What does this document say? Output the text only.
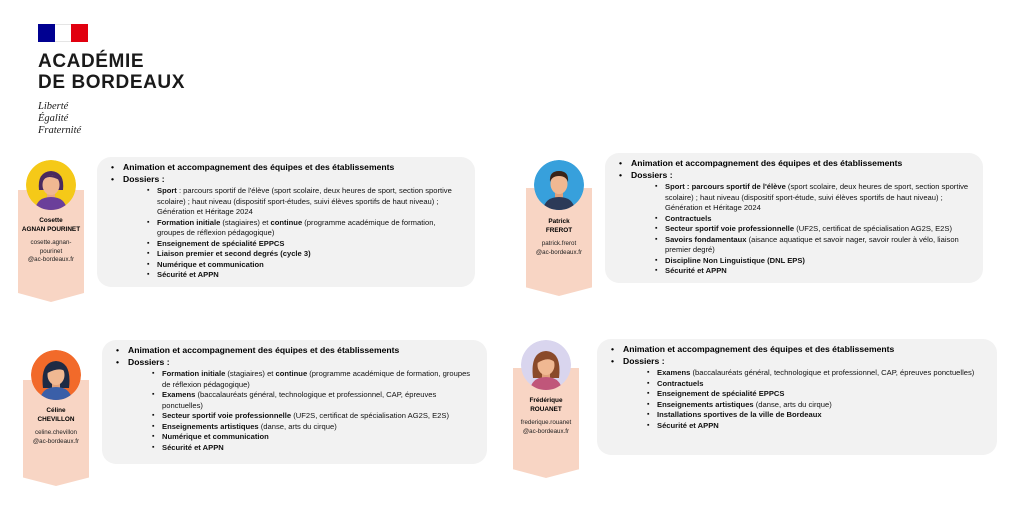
ACADÉMIE
DE BORDEAUX
Liberté
Égalité
Fraternité
Cosette
AGNAN POURINET
cosette.agnan-
pourinet
@ac-bordeaux.fr
• Animation et accompagnement des équipes et des établissements
• Dossiers :
▪ Sport : parcours sportif de l'élève (sport scolaire, deux heures de sport, section sportive scolaire) ; haut niveau (dispositif sport-études, suivi élèves sportifs de haut niveau) ; Génération et Héritage 2024
▪ Formation initiale (stagiaires) et continue (programme académique de formation, groupes de réflexion pédagogique)
▪ Enseignement de spécialité EPPCS
▪ Liaison premier et second degrés (cycle 3)
▪ Numérique et communication
▪ Sécurité et APPN
Patrick
FREROT
patrick.frerot
@ac-bordeaux.fr
• Animation et accompagnement des équipes et des établissements
• Dossiers :
▪ Sport : parcours sportif de l'élève (sport scolaire, deux heures de sport, section sportive scolaire) ; haut niveau (dispositif sport-étude, suivi élèves sportifs de haut niveau) ; Génération et Héritage 2024
▪ Contractuels
▪ Secteur sportif voie professionnelle (UF2S, certificat de spécialisation AG2S, E2S)
▪ Savoirs fondamentaux (aisance aquatique et savoir nager, savoir rouler à vélo, liaison premier degré)
▪ Discipline Non Linguistique (DNL EPS)
▪ Sécurité et APPN
Céline
CHEVILLON
celine.chevillon
@ac-bordeaux.fr
• Animation et accompagnement des équipes et des établissements
• Dossiers :
▪ Formation initiale (stagiaires) et continue (programme académique de formation, groupes de réflexion pédagogique)
▪ Examens (baccalauréats général, technologique et professionnel, CAP, épreuves ponctuelles)
▪ Secteur sportif voie professionnelle (UF2S, certificat de spécialisation AG2S, E2S)
▪ Enseignements artistiques (danse, arts du cirque)
▪ Numérique et communication
▪ Sécurité et APPN
Frédérique
ROUANET
frederique.rouanet
@ac-bordeaux.fr
• Animation et accompagnement des équipes et des établissements
• Dossiers :
▪ Examens (baccalauréats général, technologique et professionnel, CAP, épreuves ponctuelles)
▪ Contractuels
▪ Enseignement de spécialité EPPCS
▪ Enseignements artistiques (danse, arts du cirque)
▪ Installations sportives de la ville de Bordeaux
▪ Sécurité et APPN
